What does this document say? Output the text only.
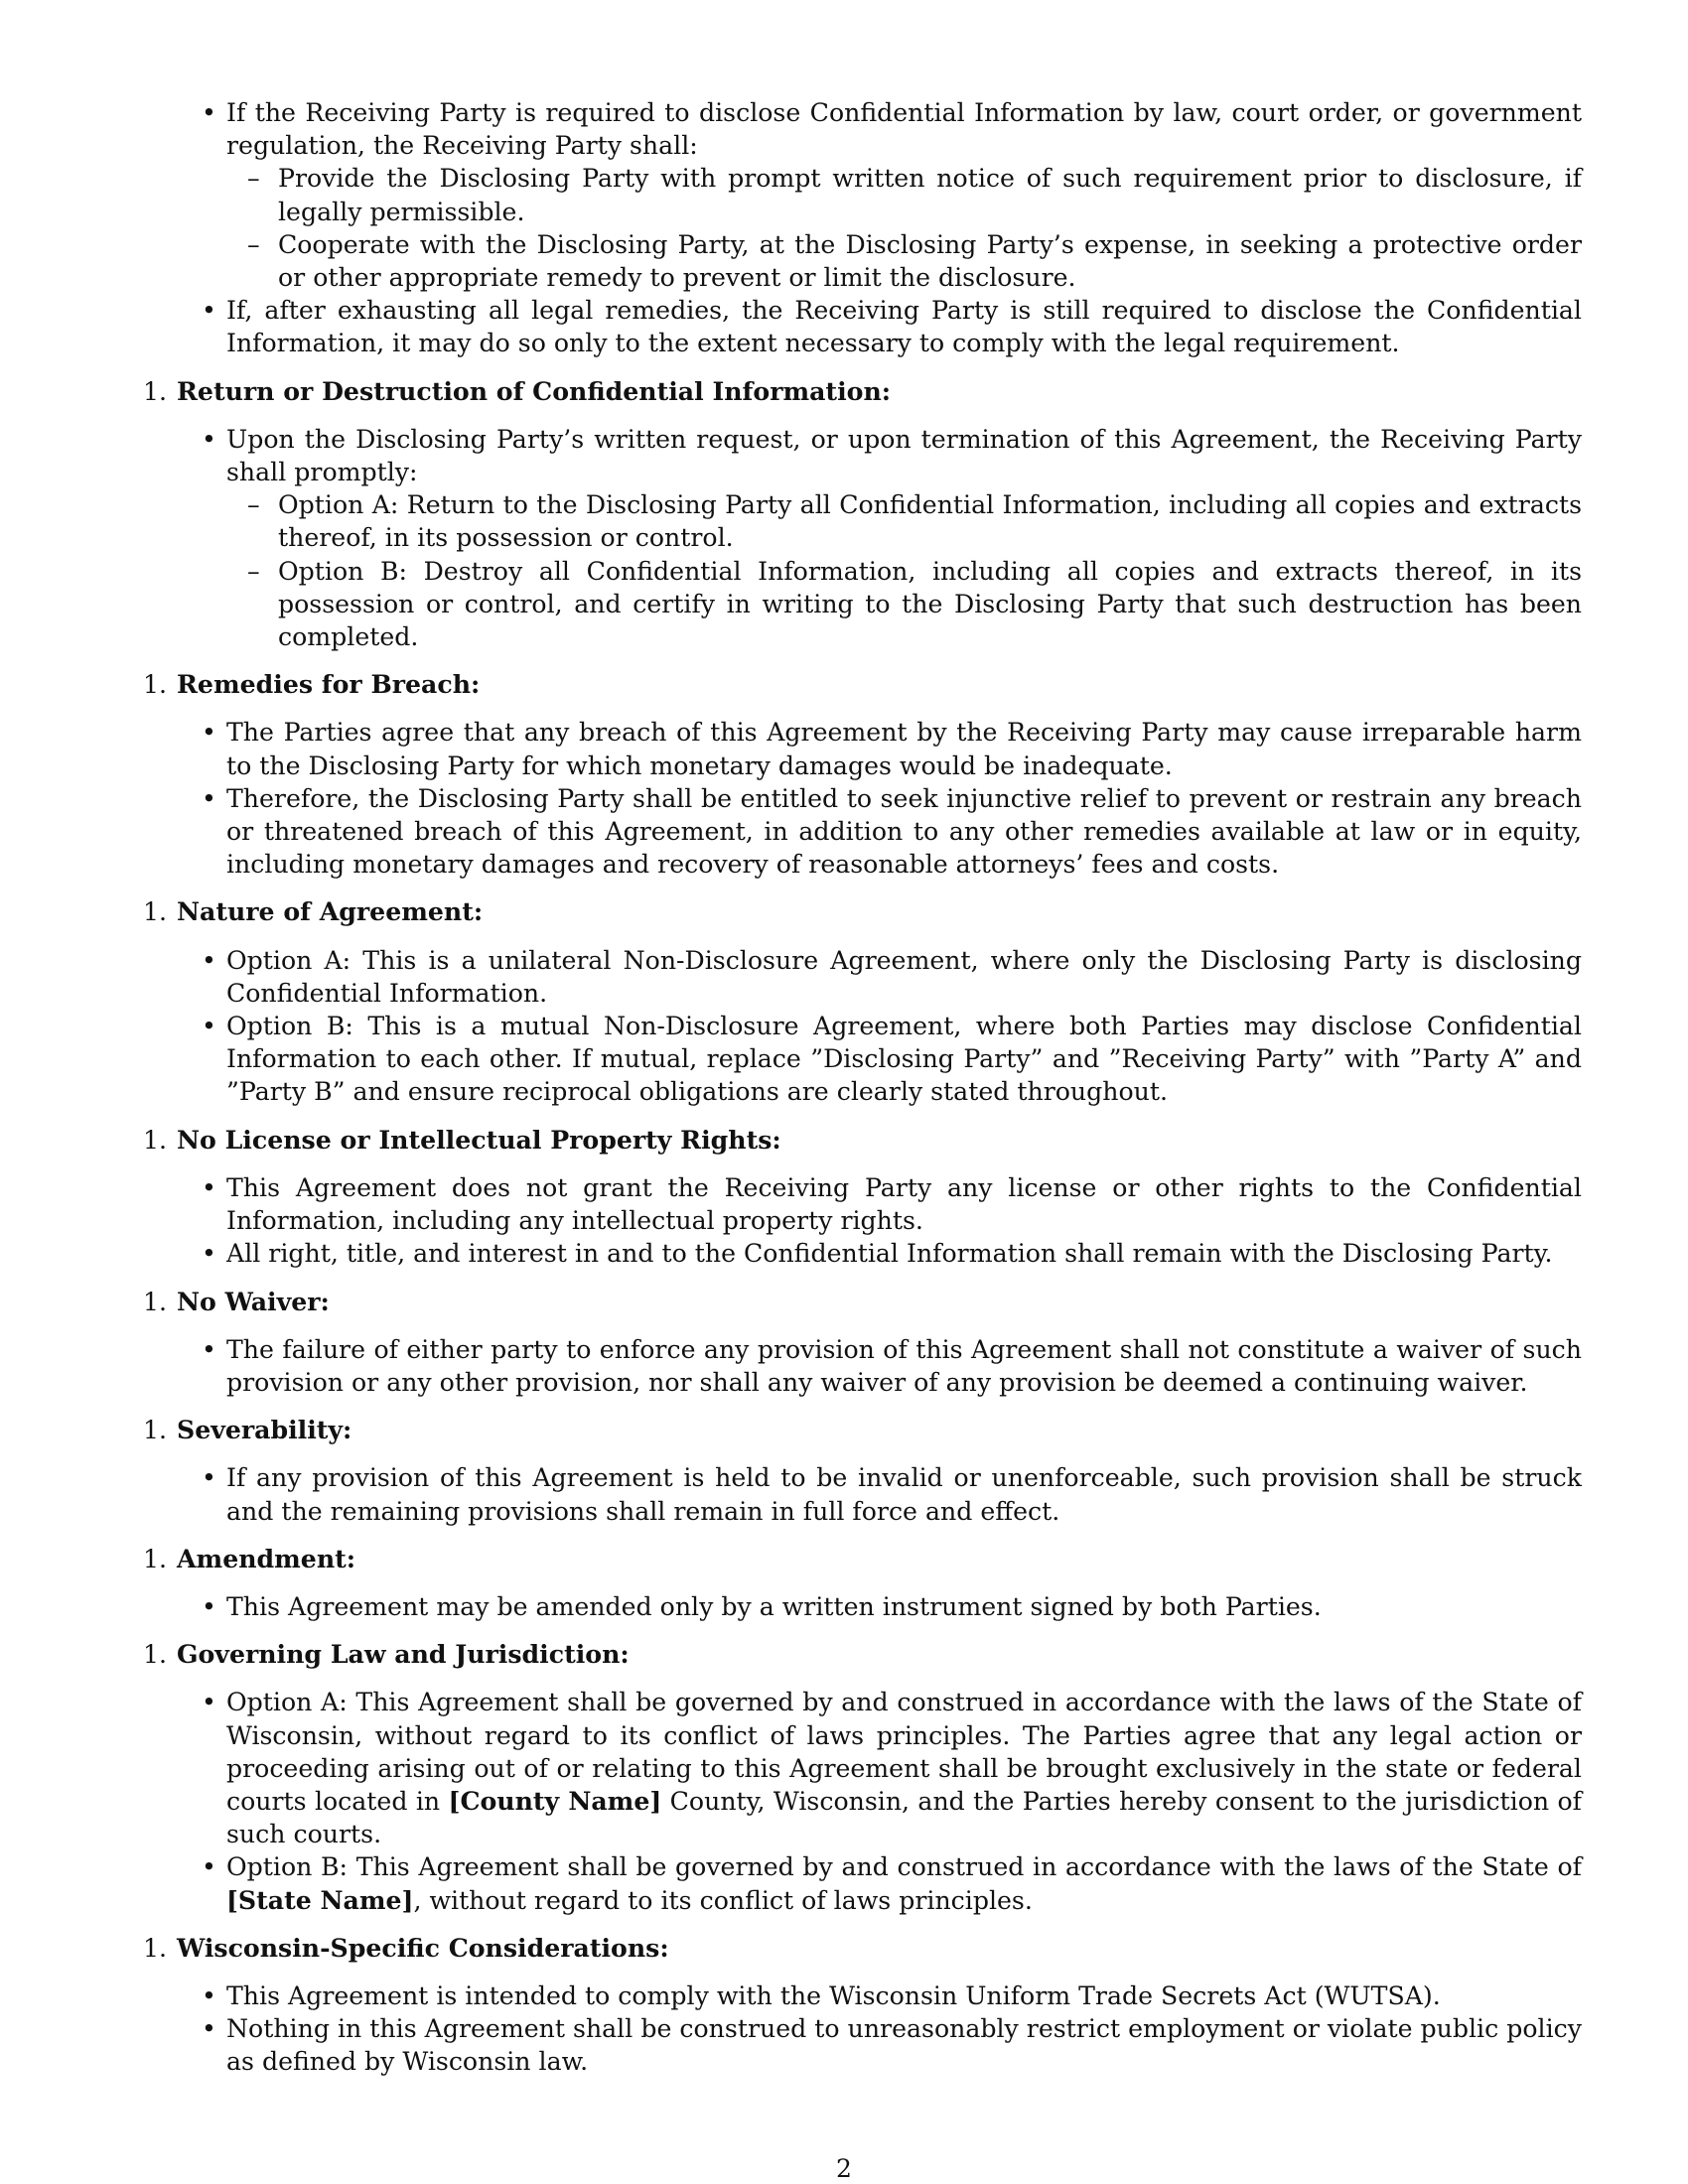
• If the Receiving Party is required to disclose Confidential Information by law, court order, or government regulation, the Receiving Party shall:
– Provide the Disclosing Party with prompt written notice of such requirement prior to disclosure, if legally permissible.
– Cooperate with the Disclosing Party, at the Disclosing Party’s expense, in seeking a protective order or other appropriate remedy to prevent or limit the disclosure.
• If, after exhausting all legal remedies, the Receiving Party is still required to disclose the Confidential Information, it may do so only to the extent necessary to comply with the legal requirement.
1. Return or Destruction of Confidential Information:
• Upon the Disclosing Party’s written request, or upon termination of this Agreement, the Receiving Party shall promptly:
– Option A: Return to the Disclosing Party all Confidential Information, including all copies and extracts thereof, in its possession or control.
– Option B: Destroy all Confidential Information, including all copies and extracts thereof, in its possession or control, and certify in writing to the Disclosing Party that such destruction has been completed.
1. Remedies for Breach:
• The Parties agree that any breach of this Agreement by the Receiving Party may cause irreparable harm to the Disclosing Party for which monetary damages would be inadequate.
• Therefore, the Disclosing Party shall be entitled to seek injunctive relief to prevent or restrain any breach or threatened breach of this Agreement, in addition to any other remedies available at law or in equity, including monetary damages and recovery of reasonable attorneys’ fees and costs.
1. Nature of Agreement:
• Option A: This is a unilateral Non-Disclosure Agreement, where only the Disclosing Party is disclosing Confidential Information.
• Option B: This is a mutual Non-Disclosure Agreement, where both Parties may disclose Confidential Information to each other. If mutual, replace ”Disclosing Party” and ”Receiving Party” with ”Party A” and ”Party B” and ensure reciprocal obligations are clearly stated throughout.
1. No License or Intellectual Property Rights:
• This Agreement does not grant the Receiving Party any license or other rights to the Confidential Information, including any intellectual property rights.
• All right, title, and interest in and to the Confidential Information shall remain with the Disclosing Party.
1. No Waiver:
• The failure of either party to enforce any provision of this Agreement shall not constitute a waiver of such provision or any other provision, nor shall any waiver of any provision be deemed a continuing waiver.
1. Severability:
• If any provision of this Agreement is held to be invalid or unenforceable, such provision shall be struck and the remaining provisions shall remain in full force and effect.
1. Amendment:
• This Agreement may be amended only by a written instrument signed by both Parties.
1. Governing Law and Jurisdiction:
• Option A: This Agreement shall be governed by and construed in accordance with the laws of the State of Wisconsin, without regard to its conflict of laws principles. The Parties agree that any legal action or proceeding arising out of or relating to this Agreement shall be brought exclusively in the state or federal courts located in [County Name] County, Wisconsin, and the Parties hereby consent to the jurisdiction of such courts.
• Option B: This Agreement shall be governed by and construed in accordance with the laws of the State of [State Name], without regard to its conflict of laws principles.
1. Wisconsin-Specific Considerations:
• This Agreement is intended to comply with the Wisconsin Uniform Trade Secrets Act (WUTSA).
• Nothing in this Agreement shall be construed to unreasonably restrict employment or violate public policy as defined by Wisconsin law.
2
